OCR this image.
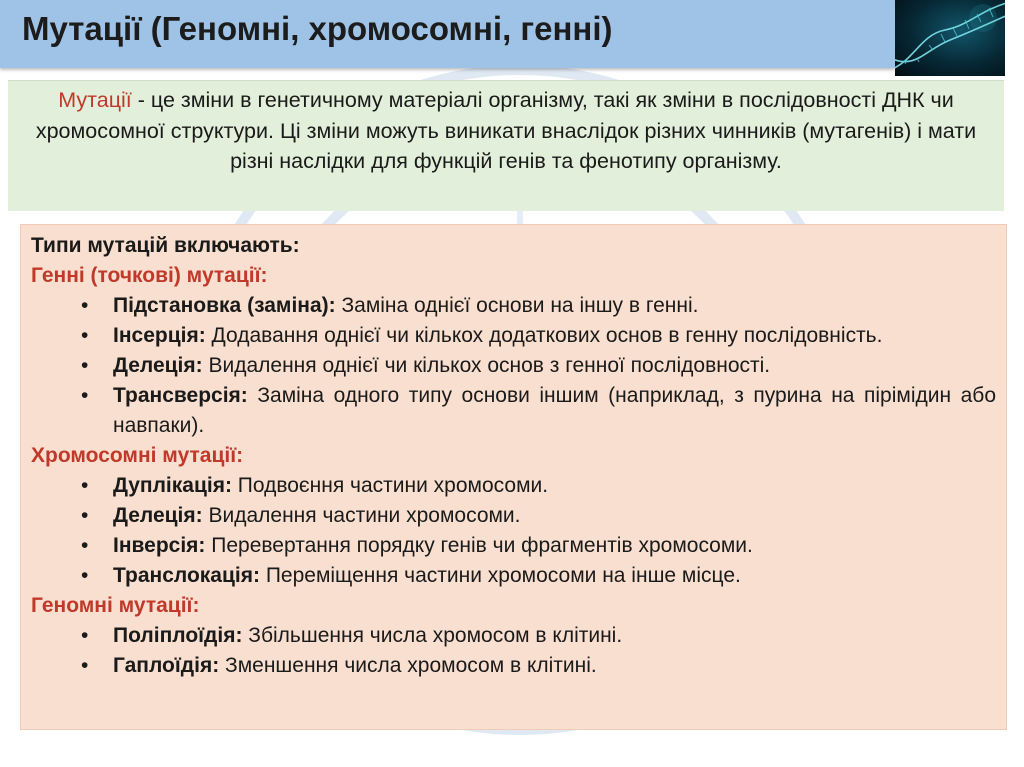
Мутації (Геномні, хромосомні, генні)
Мутації - це зміни в генетичному матеріалі організму, такі як зміни в послідовності ДНК чи хромосомної структури. Ці зміни можуть виникати внаслідок різних чинників (мутагенів) і мати різні наслідки для функцій генів та фенотипу організму.
Типи мутацій включають:
Генні (точкові) мутації:
• Підстановка (заміна): Заміна однієї основи на іншу в генні.
• Інсерція: Додавання однієї чи кількох додаткових основ в генну послідовність.
• Делеція: Видалення однієї чи кількох основ з генної послідовності.
• Трансверсія: Заміна одного типу основи іншим (наприклад, з пурина на пірімідин або навпаки).
Хромосомні мутації:
• Дуплікація: Подвоєння частини хромосоми.
• Делеція: Видалення частини хромосоми.
• Інверсія: Перевертання порядку генів чи фрагментів хромосоми.
• Транслокація: Переміщення частини хромосоми на інше місце.
Геномні мутації:
• Поліплоїдія: Збільшення числа хромосом в клітині.
• Гаплоїдія: Зменшення числа хромосом в клітині.
